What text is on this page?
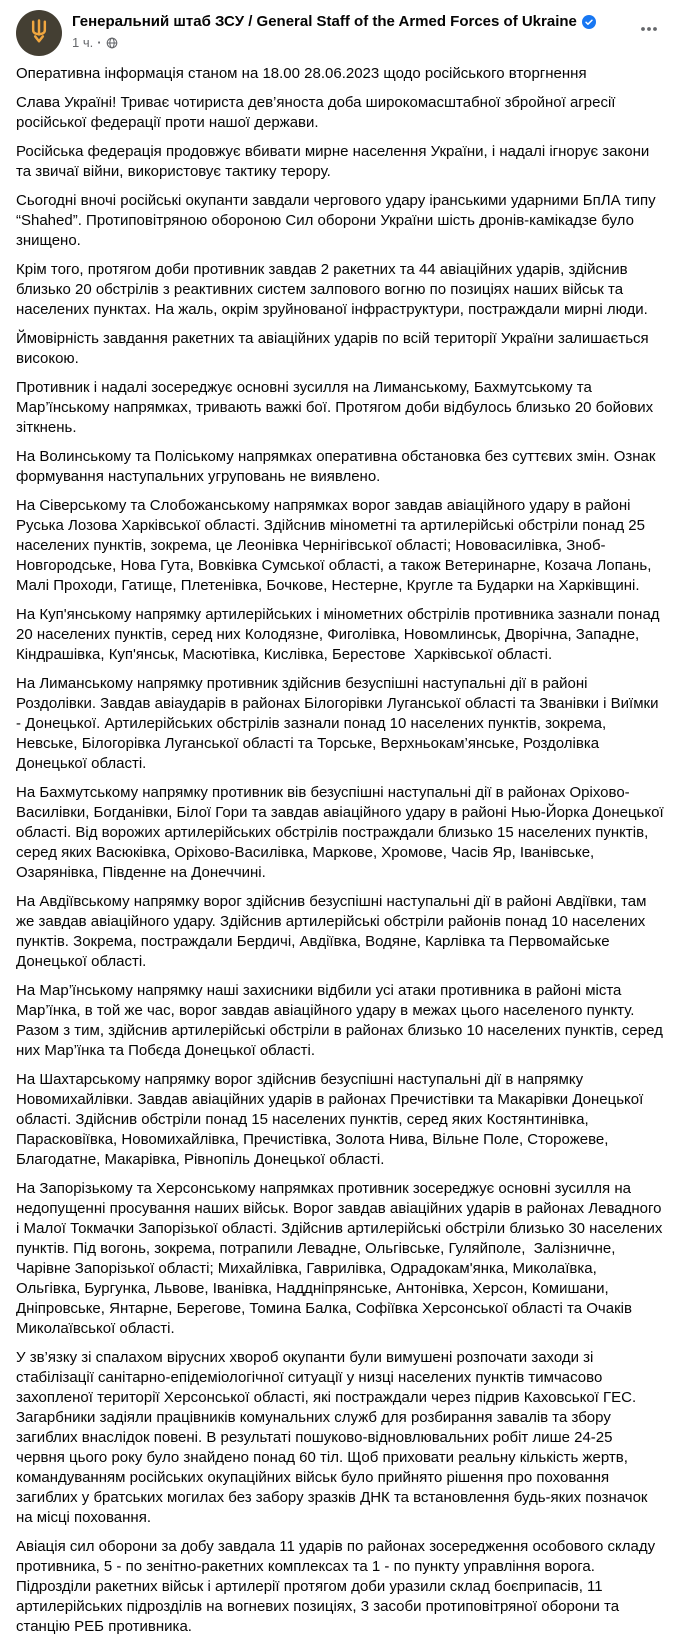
Генеральний штаб ЗСУ / General Staff of the Armed Forces of Ukraine
1 ч. ·
Оперативна інформація станом на 18.00 28.06.2023 щодо російського вторгнення
Слава Україні! Триває чотириста дев’яноста доба широкомасштабної збройної агресії російської федерації проти нашої держави.
Російська федерація продовжує вбивати мирне населення України, і надалі ігнорує закони та звичаї війни, використовує тактику терору.
Сьогодні вночі російські окупанти завдали чергового удару іранськими ударними БпЛА типу “Shahed”. Протиповітряною обороною Сил оборони України шість дронів-камікадзе було знищено.
Крім того, протягом доби противник завдав 2 ракетних та 44 авіаційних ударів, здійснив близько 20 обстрілів з реактивних систем залпового вогню по позиціях наших військ та населених пунктах. На жаль, окрім зруйнованої інфраструктури, постраждали мирні люди.
Ймовірність завдання ракетних та авіаційних ударів по всій території України залишається високою.
Противник і надалі зосереджує основні зусилля на Лиманському, Бахмутському та Мар’їнському напрямках, тривають важкі бої. Протягом доби відбулось близько 20 бойових зіткнень.
На Волинському та Поліському напрямках оперативна обстановка без суттєвих змін. Ознак формування наступальних угруповань не виявлено.
На Сіверському та Слобожанському напрямках ворог завдав авіаційного удару в районі Руська Лозова Харківської області. Здійснив мінометні та артилерійські обстріли понад 25 населених пунктів, зокрема, це Леонівка Чернігівської області; Нововасилівка, Зноб-Новгородське, Нова Гута, Вовківка Сумської області, а також Ветеринарне, Козача Лопань, Малі Проходи, Гатище, Плетенівка, Бочкове, Нестерне, Кругле та Бударки на Харківщині.
На Куп'янському напрямку артилерійських і мінометних обстрілів противника зазнали понад 20 населених пунктів, серед них Колодязне, Фиголівка, Новомлинськ, Дворічна, Западне, Кіндрашівка, Куп'янськ, Масютівка, Кислівка, Берестове  Харківської області.
На Лиманському напрямку противник здійснив безуспішні наступальні дії в районі Роздолівки. Завдав авіаударів в районах Білогорівки Луганської області та Званівки і Виїмки - Донецької. Артилерійських обстрілів зазнали понад 10 населених пунктів, зокрема, Невське, Білогорівка Луганської області та Торське, Верхньокам’янське, Роздолівка Донецької області.
На Бахмутському напрямку противник вів безуспішні наступальні дії в районах Оріхово-Василівки, Богданівки, Білої Гори та завдав авіаційного удару в районі Нью-Йорка Донецької області. Від ворожих артилерійських обстрілів постраждали близько 15 населених пунктів, серед яких Васюківка, Оріхово-Василівка, Маркове, Хромове, Часів Яр, Іванівське, Озарянівка, Південне на Донеччині.
На Авдіївському напрямку ворог здійснив безуспішні наступальні дії в районі Авдіївки, там же завдав авіаційного удару. Здійснив артилерійські обстріли районів понад 10 населених пунктів. Зокрема, постраждали Бердичі, Авдіївка, Водяне, Карлівка та Первомайське Донецької області.
На Мар’їнському напрямку наші захисники відбили усі атаки противника в районі міста Мар’їнка, в той же час, ворог завдав авіаційного удару в межах цього населеного пункту. Разом з тим, здійснив артилерійські обстріли в районах близько 10 населених пунктів, серед них Мар’їнка та Побєда Донецької області.
На Шахтарському напрямку ворог здійснив безуспішні наступальні дії в напрямку Новомихайлівки. Завдав авіаційних ударів в районах Пречистівки та Макарівки Донецької області. Здійснив обстріли понад 15 населених пунктів, серед яких Костянтинівка, Парасковіївка, Новомихайлівка, Пречистівка, Золота Нива, Вільне Поле, Сторожеве, Благодатне, Макарівка, Рівнопіль Донецької області.
На Запорізькому та Херсонському напрямках противник зосереджує основні зусилля на недопущенні просування наших військ. Ворог завдав авіаційних ударів в районах Левадного і Малої Токмачки Запорізької області. Здійснив артилерійські обстріли близько 30 населених пунктів. Під вогонь, зокрема, потрапили Левадне, Ольгівське, Гуляйполе,  Залізничне, Чарівне Запорізької області; Михайлівка, Гаврилівка, Одрадокам'янка, Миколаївка, Ольгівка, Бургунка, Львове, Іванівка, Наддніпрянське, Антонівка, Херсон, Комишани, Дніпровське, Янтарне, Берегове, Томина Балка, Софіївка Херсонської області та Очаків Миколаївської області.
У зв’язку зі спалахом вірусних хвороб окупанти були вимушені розпочати заходи зі стабілізації санітарно-епідеміологічної ситуації у низці населених пунктів тимчасово захопленої території Херсонської області, які постраждали через підрив Каховської ГЕС. Загарбники задіяли працівників комунальних служб для розбирання завалів та збору загиблих внаслідок повені. В результаті пошуково-відновлювальних робіт лише 24-25 червня цього року було знайдено понад 60 тіл. Щоб приховати реальну кількість жертв, командуванням російських окупаційних військ було прийнято рішення про поховання загиблих у братських могилах без забору зразків ДНК та встановлення будь-яких позначок на місці поховання.
Авіація сил оборони за добу завдала 11 ударів по районах зосередження особового складу противника, 5 - по зенітно-ракетних комплексах та 1 - по пункту управління ворога. Підрозділи ракетних військ і артилерії протягом доби уразили склад боєприпасів, 11 артилерійських підрозділів на вогневих позиціях, 3 засоби протиповітряної оборони та станцію РЕБ противника.
